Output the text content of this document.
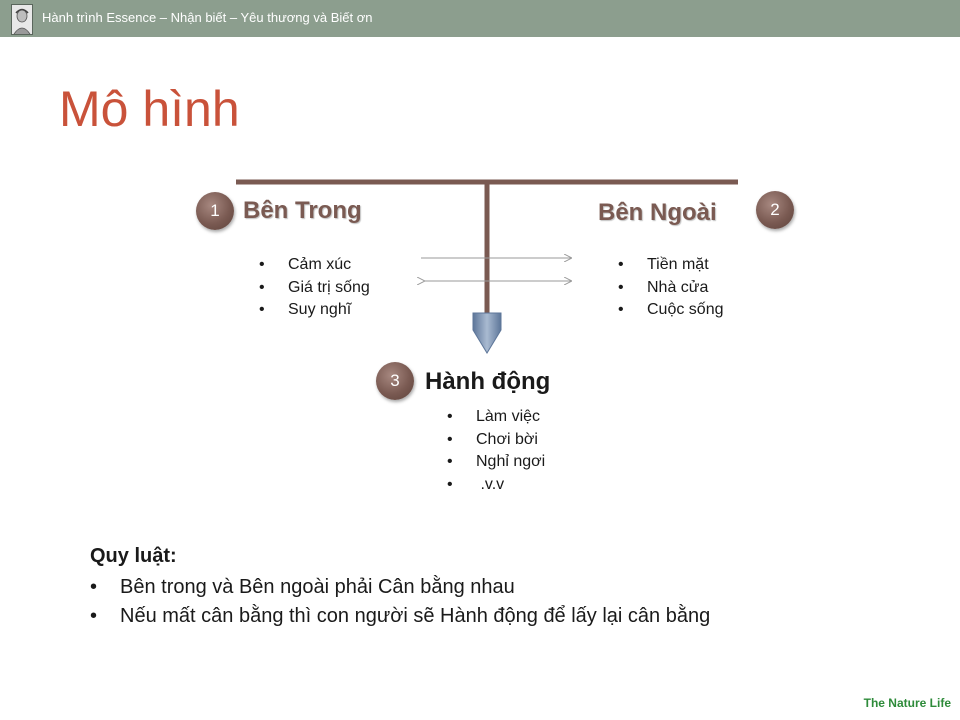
Hành trình Essence – Nhận biết – Yêu thương và Biết ơn
Mô hình
1 Bên Trong
• Cảm xúc
• Giá trị sống
• Suy nghĩ
Bên Ngoài	2
• Tiền mặt
• Nhà cửa
• Cuộc sống
3	Hành động
• Làm việc
• Chơi bời
• Nghỉ ngơi
•  .v.v
Quy luật:
• Bên trong và Bên ngoài phải Cân bằng nhau
• Nếu mất cân bằng thì con người sẽ Hành động để lấy lại cân bằng
The Nature Life
